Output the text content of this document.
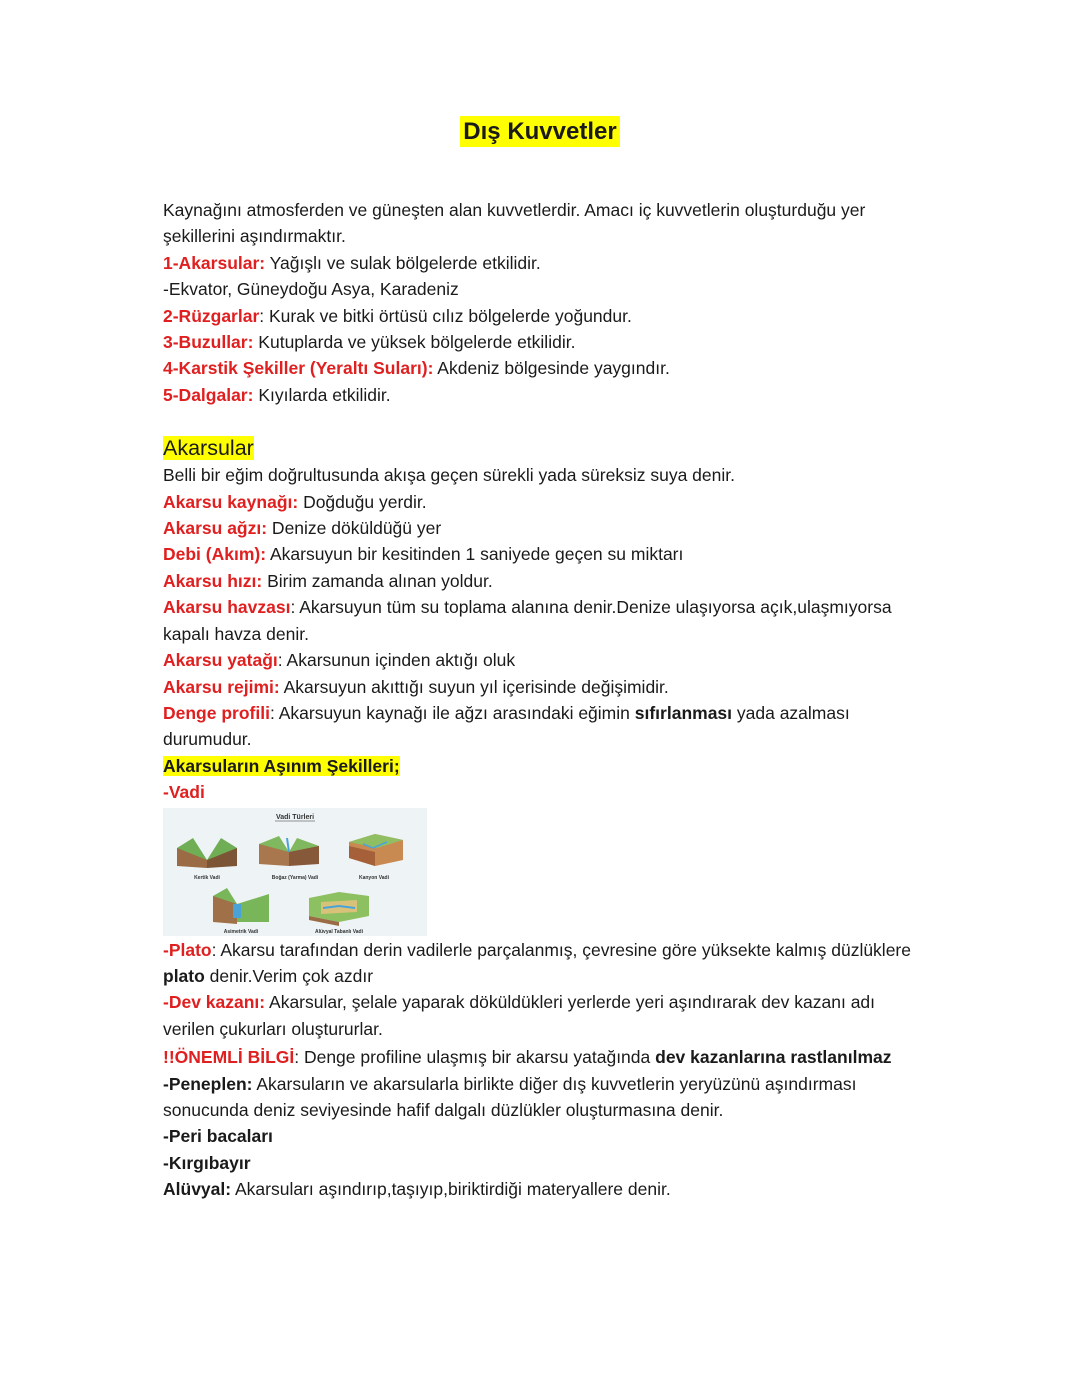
Dış Kuvvetler

Kaynağını atmosferden ve güneşten alan kuvvetlerdir. Amacı iç kuvvetlerin oluşturduğu yer şekillerini aşındırmaktır.

1-Akarsular: Yağışlı ve sulak bölgelerde etkilidir.

-Ekvator, Güneydoğu Asya, Karadeniz

2-Rüzgarlar: Kurak ve bitki örtüsü cılız bölgelerde yoğundur.

3-Buzullar: Kutuplarda ve yüksek bölgelerde etkilidir.

4-Karstik Şekiller (Yeraltı Suları): Akdeniz bölgesinde yaygındır.

5-Dalgalar: Kıyılarda etkilidir.

Akarsular

Belli bir eğim doğrultusunda akışa geçen sürekli yada süreksiz suya denir.

Akarsu kaynağı: Doğduğu yerdir.

Akarsu ağzı: Denize döküldüğü yer

Debi (Akım): Akarsuyun bir kesitinden 1 saniyede geçen su miktarı

Akarsu hızı: Birim zamanda alınan yoldur.

Akarsu havzası: Akarsuyun tüm su toplama alanına denir.Denize ulaşıyorsa açık,ulaşmıyorsa kapalı havza denir.

Akarsu yatağı: Akarsunun içinden aktığı oluk

Akarsu rejimi: Akarsuyun akıttığı suyun yıl içerisinde değişimidir.

Denge profili: Akarsuyun kaynağı ile ağzı arasındaki eğimin sıfırlanması yada azalması durumudur.

Akarsuların Aşınım Şekilleri;

-Vadi

Vadi Türleri
Kertik Vadi	Boğaz (Yarma) Vadi	Kanyon Vadi
Asimetrik Vadi	Alüvyal Tabanlı Vadi

-Plato: Akarsu tarafından derin vadilerle parçalanmış, çevresine göre yüksekte kalmış düzlüklere plato denir.Verim çok azdır

-Dev kazanı: Akarsular, şelale yaparak döküldükleri yerlerde yeri aşındırarak dev kazanı adı verilen çukurları oluştururlar.

!!ÖNEMLİ BİLGİ: Denge profiline ulaşmış bir akarsu yatağında dev kazanlarına rastlanılmaz

-Peneplen: Akarsuların ve akarsularla birlikte diğer dış kuvvetlerin yeryüzünü aşındırması sonucunda deniz seviyesinde hafif dalgalı düzlükler oluşturmasına denir.

-Peri bacaları

-Kırgıbayır

Alüvyal: Akarsuları aşındırıp,taşıyıp,biriktirdiği materyallere denir.
